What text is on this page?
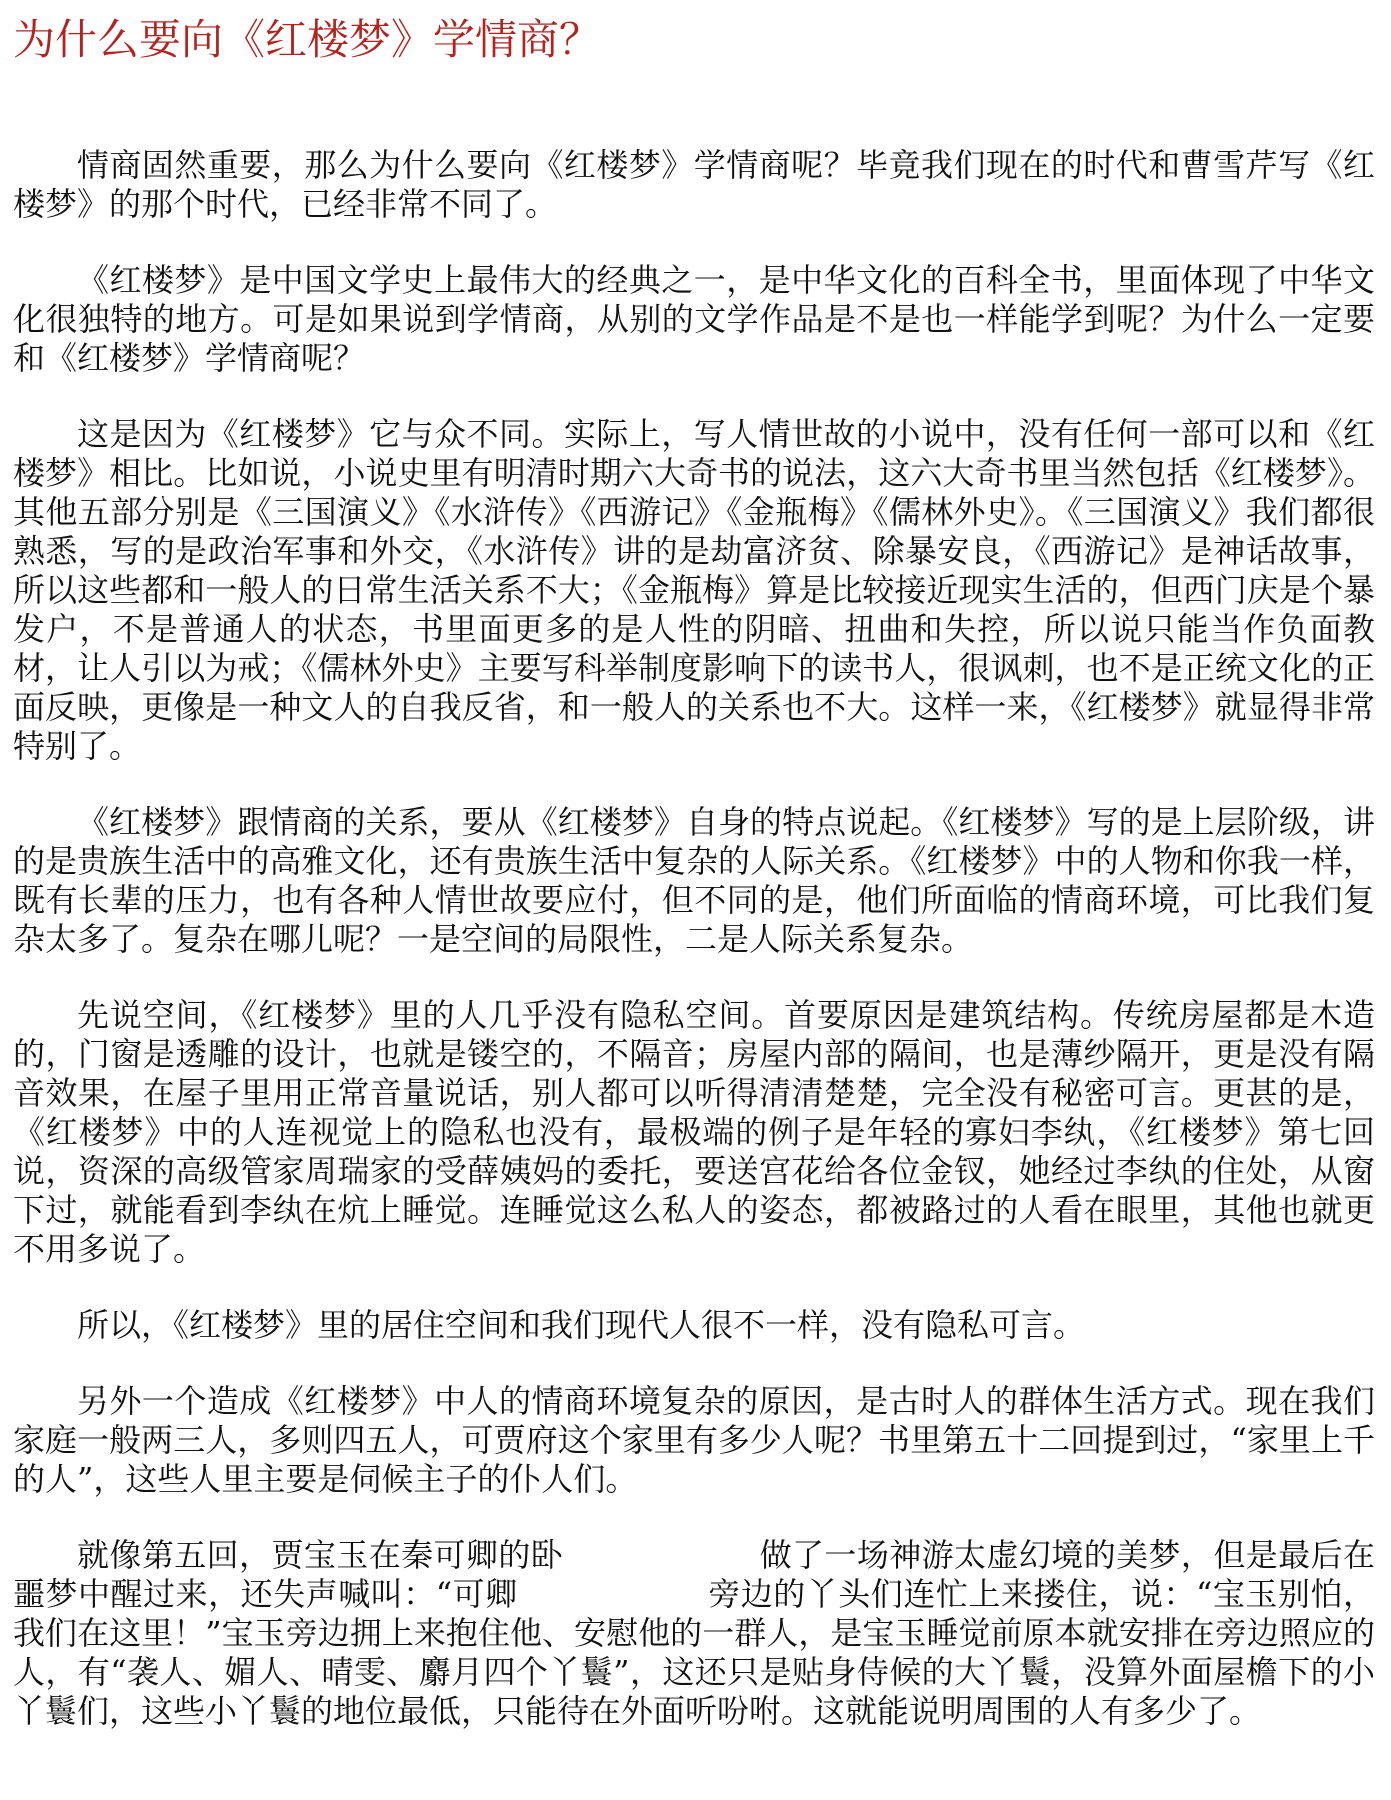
为什么要向《红楼梦》学情商？

情商固然重要，那么为什么要向《红楼梦》学情商呢？毕竟我们现在的时代和曹雪芹写《红楼梦》的那个时代，已经非常不同了。

《红楼梦》是中国文学史上最伟大的经典之一，是中华文化的百科全书，里面体现了中华文化很独特的地方。可是如果说到学情商，从别的文学作品是不是也一样能学到呢？为什么一定要和《红楼梦》学情商呢？

这是因为《红楼梦》它与众不同。实际上，写人情世故的小说中，没有任何一部可以和《红楼梦》相比。比如说，小说史里有明清时期六大奇书的说法，这六大奇书里当然包括《红楼梦》。其他五部分别是《三国演义》《水浒传》《西游记》《金瓶梅》《儒林外史》。《三国演义》我们都很熟悉，写的是政治军事和外交，《水浒传》讲的是劫富济贫、除暴安良，《西游记》是神话故事，所以这些都和一般人的日常生活关系不大；《金瓶梅》算是比较接近现实生活的，但西门庆是个暴发户，不是普通人的状态，书里面更多的是人性的阴暗、扭曲和失控，所以说只能当作负面教材，让人引以为戒；《儒林外史》主要写科举制度影响下的读书人，很讽刺，也不是正统文化的正面反映，更像是一种文人的自我反省，和一般人的关系也不大。这样一来，《红楼梦》就显得非常特别了。

《红楼梦》跟情商的关系，要从《红楼梦》自身的特点说起。《红楼梦》写的是上层阶级，讲的是贵族生活中的高雅文化，还有贵族生活中复杂的人际关系。《红楼梦》中的人物和你我一样，既有长辈的压力，也有各种人情世故要应付，但不同的是，他们所面临的情商环境，可比我们复杂太多了。复杂在哪儿呢？一是空间的局限性，二是人际关系复杂。

先说空间，《红楼梦》里的人几乎没有隐私空间。首要原因是建筑结构。传统房屋都是木造的，门窗是透雕的设计，也就是镂空的，不隔音；房屋内部的隔间，也是薄纱隔开，更是没有隔音效果，在屋子里用正常音量说话，别人都可以听得清清楚楚，完全没有秘密可言。更甚的是，《红楼梦》中的人连视觉上的隐私也没有，最极端的例子是年轻的寡妇李纨，《红楼梦》第七回说，资深的高级管家周瑞家的受薛姨妈的委托，要送宫花给各位金钗，她经过李纨的住处，从窗下过，就能看到李纨在炕上睡觉。连睡觉这么私人的姿态，都被路过的人看在眼里，其他也就更不用多说了。

所以，《红楼梦》里的居住空间和我们现代人很不一样，没有隐私可言。

另外一个造成《红楼梦》中人的情商环境复杂的原因，是古时人的群体生活方式。现在我们家庭一般两三人，多则四五人，可贾府这个家里有多少人呢？书里第五十二回提到过，“家里上千的人”，这些人里主要是伺候主子的仆人们。

就像第五回，贾宝玉在秦可卿的卧	做了一场神游太虚幻境的美梦，但是最后在噩梦中醒过来，还失声喊叫：“可卿	旁边的丫头们连忙上来搂住，说：“宝玉别怕，我们在这里！”宝玉旁边拥上来抱住他、安慰他的一群人，是宝玉睡觉前原本就安排在旁边照应的人，有“袭人、媚人、晴雯、麝月四个丫鬟”，这还只是贴身侍候的大丫鬟，没算外面屋檐下的小丫鬟们，这些小丫鬟的地位最低，只能待在外面听吩咐。这就能说明周围的人有多少了。
